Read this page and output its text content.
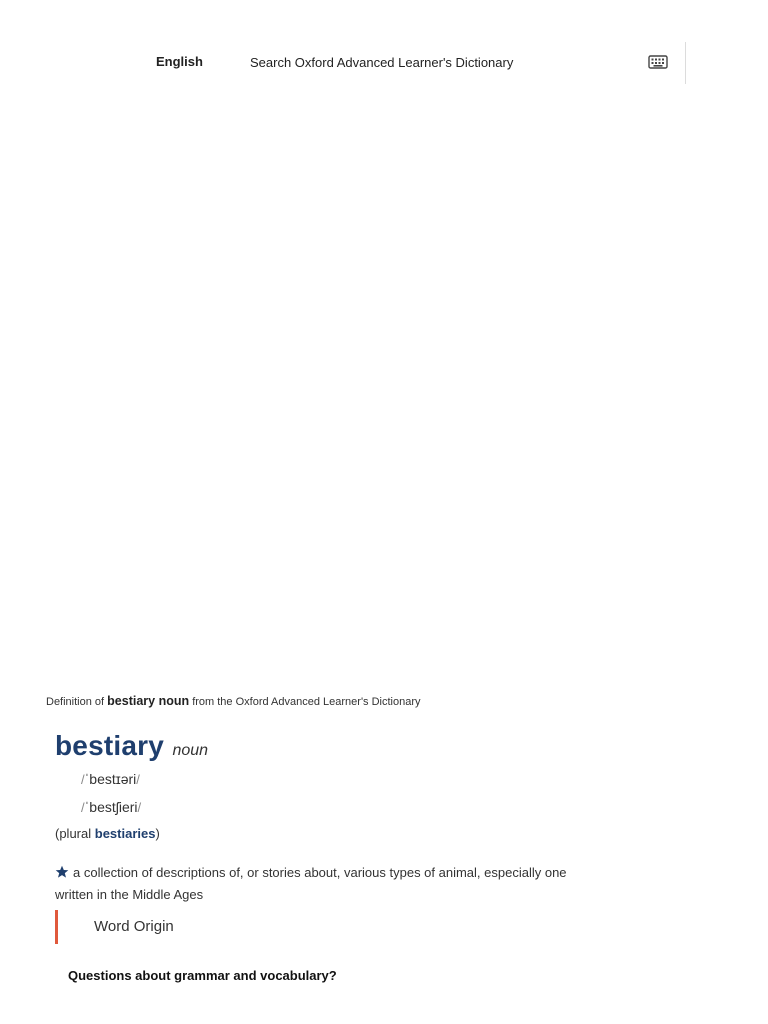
English
Search Oxford Advanced Learner's Dictionary
Definition of bestiary noun from the Oxford Advanced Learner's Dictionary
bestiary noun
/ˈbestɪəri/
/ˈbestʃieri/
(plural bestiaries)
a collection of descriptions of, or stories about, various types of animal, especially one written in the Middle Ages
Word Origin
Questions about grammar and vocabulary?
